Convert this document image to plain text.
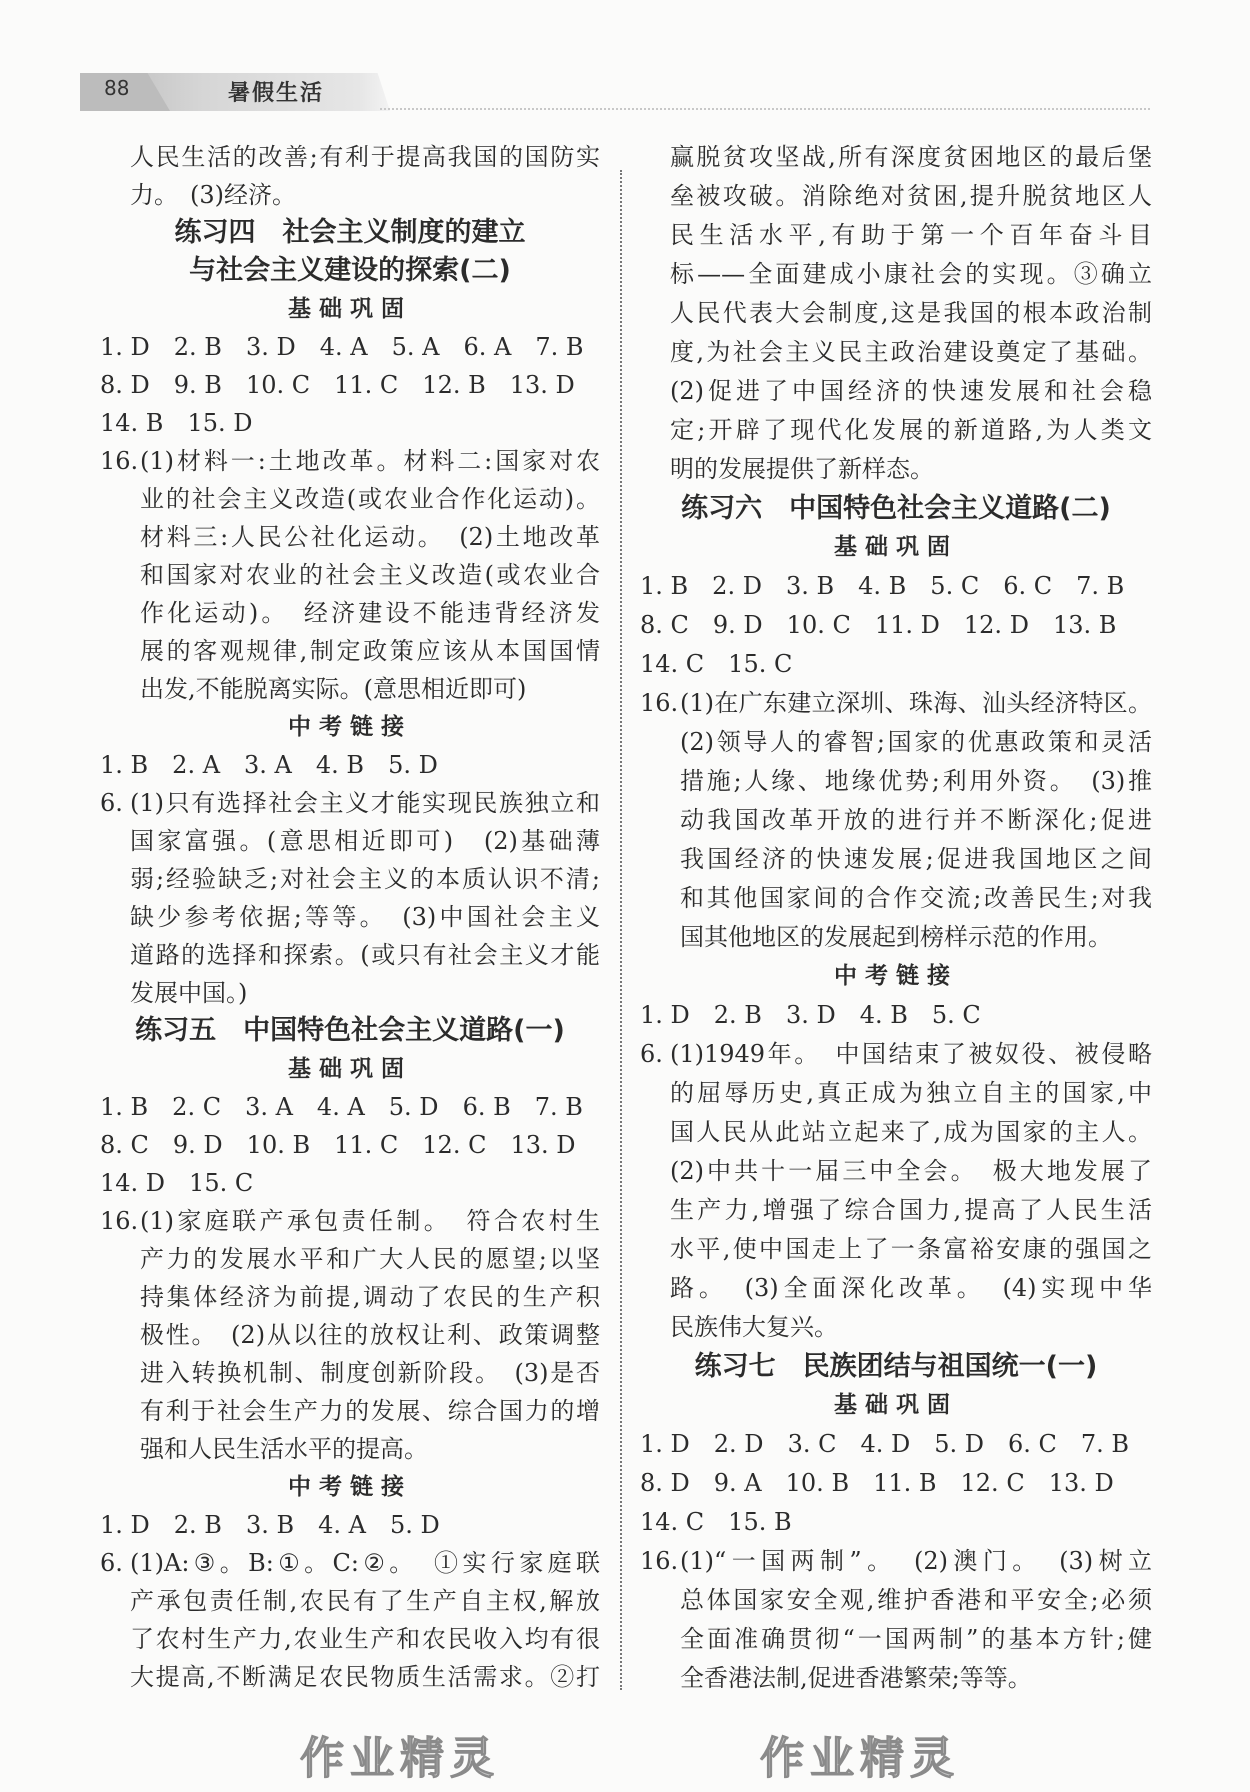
88	暑假生活
人民生活的改善;有利于提高我国的国防实
力。　(3)经济。
练习四　社会主义制度的建立
与社会主义建设的探索(二)
基础巩固
1. D 2. B 3. D 4. A 5. A 6. A 7. B
8. D 9. B 10. C 11. C 12. B 13. D
14. B 15. D
16. (1)材料一:土地改革。材料二:国家对农
业的社会主义改造(或农业合作化运动)。
材料三:人民公社化运动。　(2)土地改革
和国家对农业的社会主义改造(或农业合
作化运动)。　经济建设不能违背经济发
展的客观规律,制定政策应该从本国国情
出发,不能脱离实际。(意思相近即可)
中考链接
1. B 2. A 3. A 4. B 5. D
6. (1)只有选择社会主义才能实现民族独立和
国家富强。(意思相近即可)　(2)基础薄
弱;经验缺乏;对社会主义的本质认识不清;
缺少参考依据;等等。　(3)中国社会主义
道路的选择和探索。(或只有社会主义才能
发展中国。)
练习五　中国特色社会主义道路(一)
基础巩固
1. B 2. C 3. A 4. A 5. D 6. B 7. B
8. C 9. D 10. B 11. C 12. C 13. D
14. D 15. C
16. (1)家庭联产承包责任制。　符合农村生
产力的发展水平和广大人民的愿望;以坚
持集体经济为前提,调动了农民的生产积
极性。　(2)从以往的放权让利、政策调整
进入转换机制、制度创新阶段。　(3)是否
有利于社会生产力的发展、综合国力的增
强和人民生活水平的提高。
中考链接
1. D 2. B 3. B 4. A 5. D
6. (1)A:③。B:①。C:②。　①实行家庭联
产承包责任制,农民有了生产自主权,解放
了农村生产力,农业生产和农民收入均有很
大提高,不断满足农民物质生活需求。②打
赢脱贫攻坚战,所有深度贫困地区的最后堡
垒被攻破。消除绝对贫困,提升脱贫地区人
民生活水平,有助于第一个百年奋斗目
标——全面建成小康社会的实现。③确立
人民代表大会制度,这是我国的根本政治制
度,为社会主义民主政治建设奠定了基础。
(2)促进了中国经济的快速发展和社会稳
定;开辟了现代化发展的新道路,为人类文
明的发展提供了新样态。
练习六　中国特色社会主义道路(二)
基础巩固
1. B 2. D 3. B 4. B 5. C 6. C 7. B
8. C 9. D 10. C 11. D 12. D 13. B
14. C 15. C
16. (1)在广东建立深圳、珠海、汕头经济特区。
(2)领导人的睿智;国家的优惠政策和灵活
措施;人缘、地缘优势;利用外资。　(3)推
动我国改革开放的进行并不断深化;促进
我国经济的快速发展;促进我国地区之间
和其他国家间的合作交流;改善民生;对我
国其他地区的发展起到榜样示范的作用。
中考链接
1. D 2. B 3. D 4. B 5. C
6. (1)1949年。　中国结束了被奴役、被侵略
的屈辱历史,真正成为独立自主的国家,中
国人民从此站立起来了,成为国家的主人。
(2)中共十一届三中全会。　极大地发展了
生产力,增强了综合国力,提高了人民生活
水平,使中国走上了一条富裕安康的强国之
路。　(3)全面深化改革。　(4)实现中华
民族伟大复兴。
练习七　民族团结与祖国统一(一)
基础巩固
1. D 2. D 3. C 4. D 5. D 6. C 7. B
8. D 9. A 10. B 11. B 12. C 13. D
14. C 15. B
16. (1)“一国两制”。　(2)澳门。　(3)树立
总体国家安全观,维护香港和平安全;必须
全面准确贯彻“一国两制”的基本方针;健
全香港法制,促进香港繁荣;等等。
作业精灵	作业精灵
